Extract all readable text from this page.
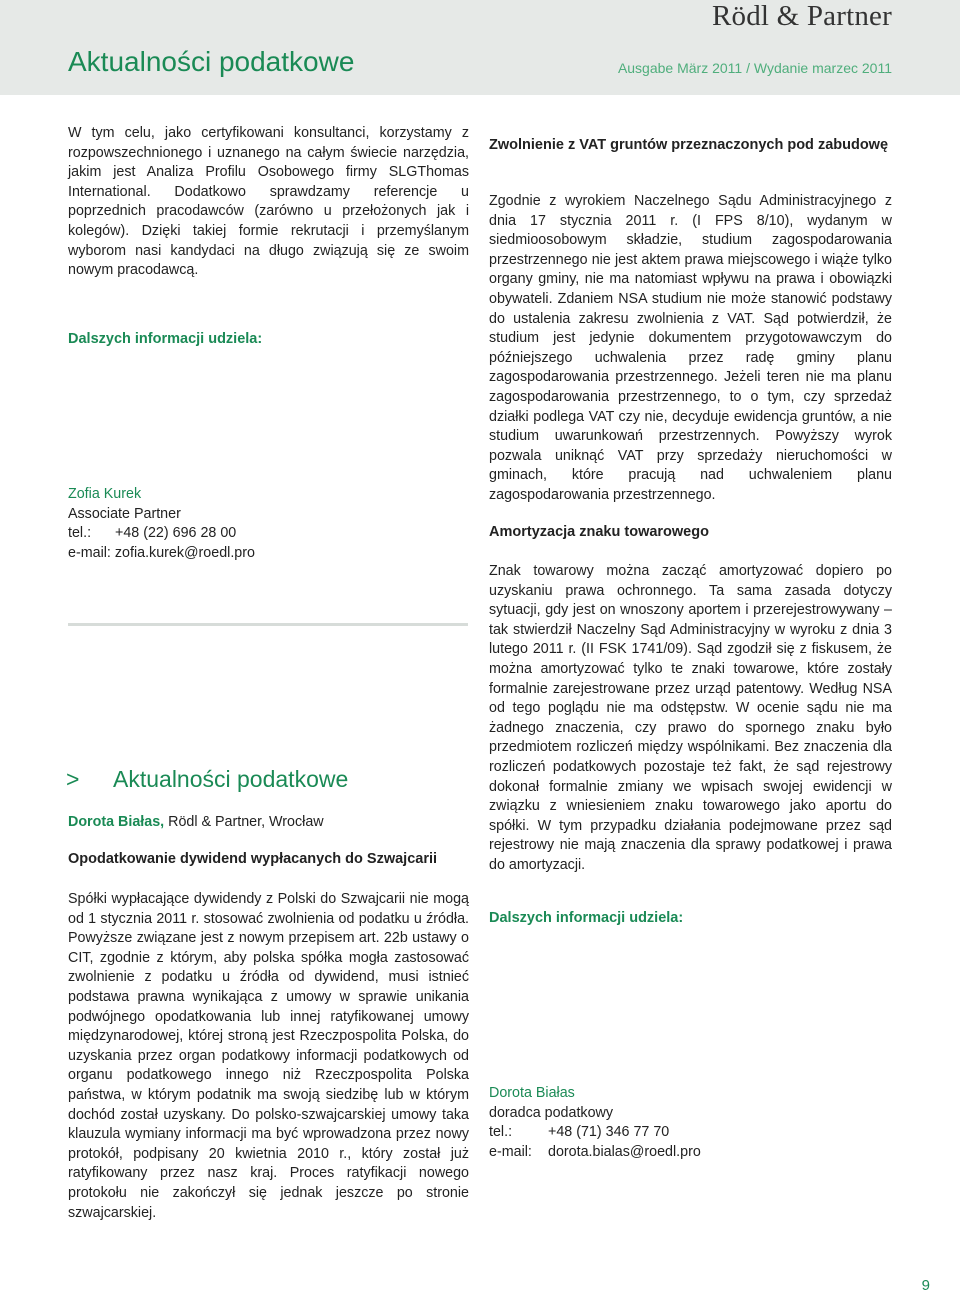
Rödl & Partner
Aktualności podatkowe	Ausgabe März 2011 / Wydanie marzec 2011

W tym celu, jako certyfikowani konsultanci, korzystamy z rozpowszechnionego i uznanego na całym świecie narzędzia, jakim jest Analiza Profilu Osobowego firmy SLGThomas International. Dodatkowo sprawdzamy referencje u poprzednich pracodawców (zarówno u przełożonych jak i kolegów). Dzięki takiej formie rekrutacji i przemyślanym wyborom nasi kandydaci na długo związują się ze swoim nowym pracodawcą.

Dalszych informacji udziela:
Zofia Kurek
Associate Partner
tel.: +48 (22) 696 28 00
e-mail: zofia.kurek@roedl.pro
> Aktualności podatkowe
Dorota Białas, Rödl & Partner, Wrocław
Opodatkowanie dywidend wypłacanych do Szwajcarii

Spółki wypłacające dywidendy z Polski do Szwajcarii nie mogą od 1 stycznia 2011 r. stosować zwolnienia od podatku u źródła. Powyższe związane jest z nowym przepisem art. 22b ustawy o CIT, zgodnie z którym, aby polska spółka mogła zastosować zwolnienie z podatku u źródła od dywidend, musi istnieć podstawa prawna wynikająca z umowy w sprawie unikania podwójnego opodatkowania lub innej ratyfikowanej umowy międzynarodowej, której stroną jest Rzeczpospolita Polska, do uzyskania przez organ podatkowy informacji podatkowych od organu podatkowego innego niż Rzeczpospolita Polska państwa, w którym podatnik ma swoją siedzibę lub w którym dochód został uzyskany. Do polsko-szwajcarskiej umowy taka klauzula wymiany informacji ma być wprowadzona przez nowy protokół, podpisany 20 kwietnia 2010 r., który został już ratyfikowany przez nasz kraj. Proces ratyfikacji nowego protokołu nie zakończył się jednak jeszcze po stronie szwajcarskiej.

Zwolnienie z VAT gruntów przeznaczonych pod zabudowę

Zgodnie z wyrokiem Naczelnego Sądu Administracyjnego z dnia 17 stycznia 2011 r. (I FPS 8/10), wydanym w siedmioosobowym składzie, studium zagospodarowania przestrzennego nie jest aktem prawa miejscowego i wiąże tylko organy gminy, nie ma natomiast wpływu na prawa i obowiązki obywateli. Zdaniem NSA studium nie może stanowić podstawy do ustalenia zakresu zwolnienia z VAT. Sąd potwierdził, że studium jest jedynie dokumentem przygotowawczym do późniejszego uchwalenia przez radę gminy planu zagospodarowania przestrzennego. Jeżeli teren nie ma planu zagospodarowania przestrzennego, to o tym, czy sprzedaż działki podlega VAT czy nie, decyduje ewidencja gruntów, a nie studium uwarunkowań przestrzennych. Powyższy wyrok pozwala uniknąć VAT przy sprzedaży nieruchomości w gminach, które pracują nad uchwaleniem planu zagospodarowania przestrzennego.

Amortyzacja znaku towarowego

Znak towarowy można zacząć amortyzować dopiero po uzyskaniu prawa ochronnego. Ta sama zasada dotyczy sytuacji, gdy jest on wnoszony aportem i przerejestrowywany – tak stwierdził Naczelny Sąd Administracyjny w wyroku z dnia 3 lutego 2011 r. (II FSK 1741/09). Sąd zgodził się z fiskusem, że można amortyzować tylko te znaki towarowe, które zostały formalnie zarejestrowane przez urząd patentowy. Według NSA od tego poglądu nie ma odstępstw. W ocenie sądu nie ma żadnego znaczenia, czy prawo do spornego znaku było przedmiotem rozliczeń między wspólnikami. Bez znaczenia dla rozliczeń podatkowych pozostaje też fakt, że sąd rejestrowy dokonał formalnie zmiany we wpisach swojej ewidencji w związku z wniesieniem znaku towarowego jako aportu do spółki. W tym przypadku działania podejmowane przez sąd rejestrowy nie mają znaczenia dla sprawy podatkowej i prawa do amortyzacji.

Dalszych informacji udziela:
Dorota Białas
doradca podatkowy
tel.:	+48 (71) 346 77 70
e-mail: dorota.bialas@roedl.pro
9
